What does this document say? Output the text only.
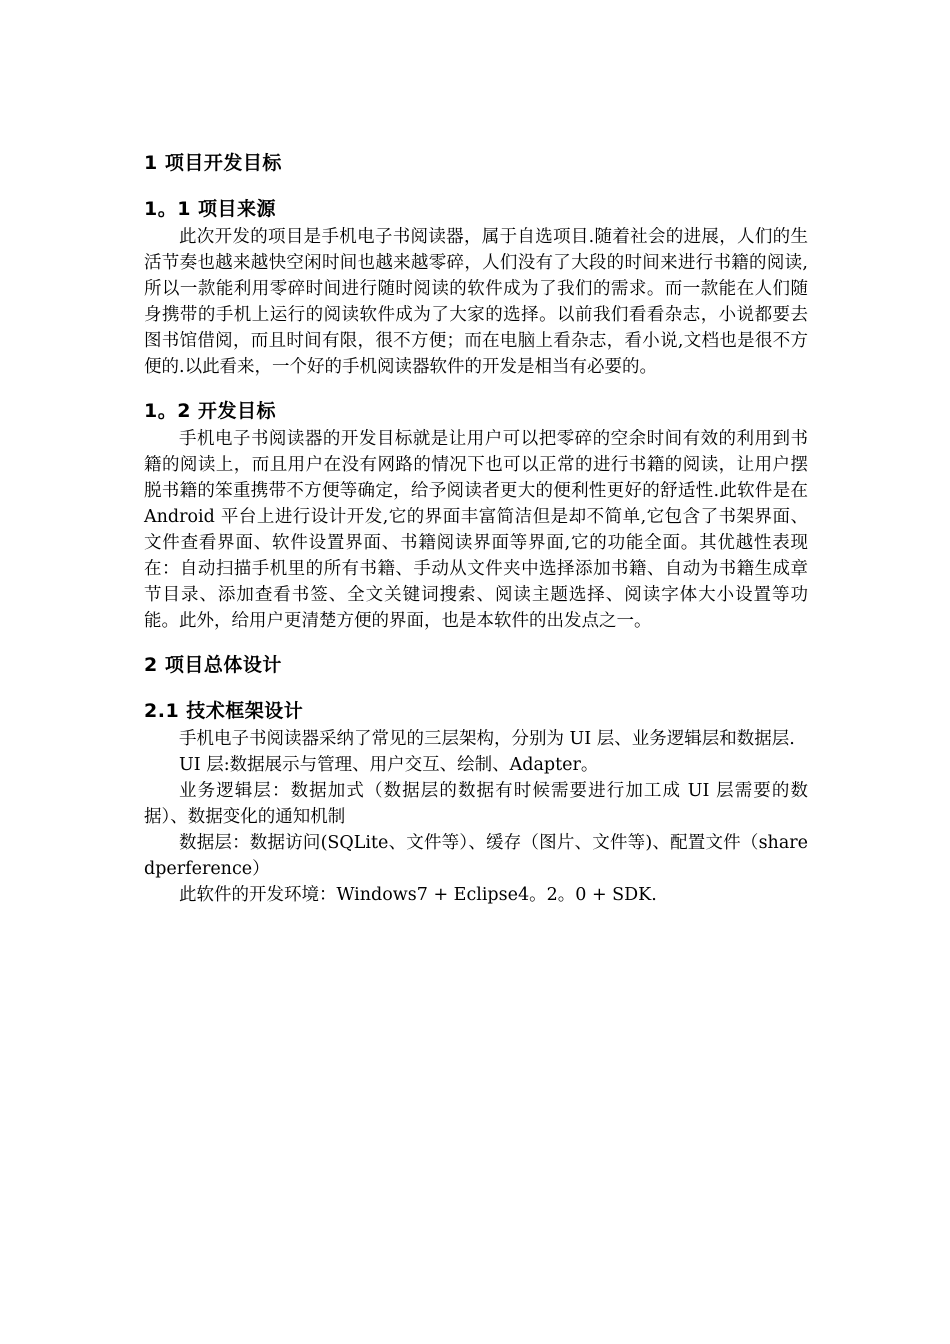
1 项目开发目标
1。1 项目来源

此次开发的项目是手机电子书阅读器，属于自选项目.随着社会的进展，人们的生活节奏也越来越快空闲时间也越来越零碎，人们没有了大段的时间来进行书籍的阅读,所以一款能利用零碎时间进行随时阅读的软件成为了我们的需求。而一款能在人们随身携带的手机上运行的阅读软件成为了大家的选择。以前我们看看杂志，小说都要去图书馆借阅，而且时间有限，很不方便；而在电脑上看杂志，看小说,文档也是很不方便的.以此看来，一个好的手机阅读器软件的开发是相当有必要的。

1。2 开发目标

手机电子书阅读器的开发目标就是让用户可以把零碎的空余时间有效的利用到书籍的阅读上，而且用户在没有网路的情况下也可以正常的进行书籍的阅读，让用户摆脱书籍的笨重携带不方便等确定，给予阅读者更大的便利性更好的舒适性.此软件是在 Android 平台上进行设计开发,它的界面丰富简洁但是却不简单,它包含了书架界面、文件查看界面、软件设置界面、书籍阅读界面等界面,它的功能全面。其优越性表现在：自动扫描手机里的所有书籍、手动从文件夹中选择添加书籍、自动为书籍生成章节目录、添加查看书签、全文关键词搜索、阅读主题选择、阅读字体大小设置等功能。此外，给用户更清楚方便的界面，也是本软件的出发点之一。

2 项目总体设计
2.1 技术框架设计

手机电子书阅读器采纳了常见的三层架构，分别为 UI 层、业务逻辑层和数据层.

UI 层:数据展示与管理、用户交互、绘制、Adapter。

业务逻辑层：数据加式（数据层的数据有时候需要进行加工成 UI 层需要的数据）、数据变化的通知机制

数据层：数据访问(SQLite、文件等）、缓存（图片、文件等)、配置文件（sharedperference）

此软件的开发环境：Windows7 + Eclipse4。2。0 + SDK.
